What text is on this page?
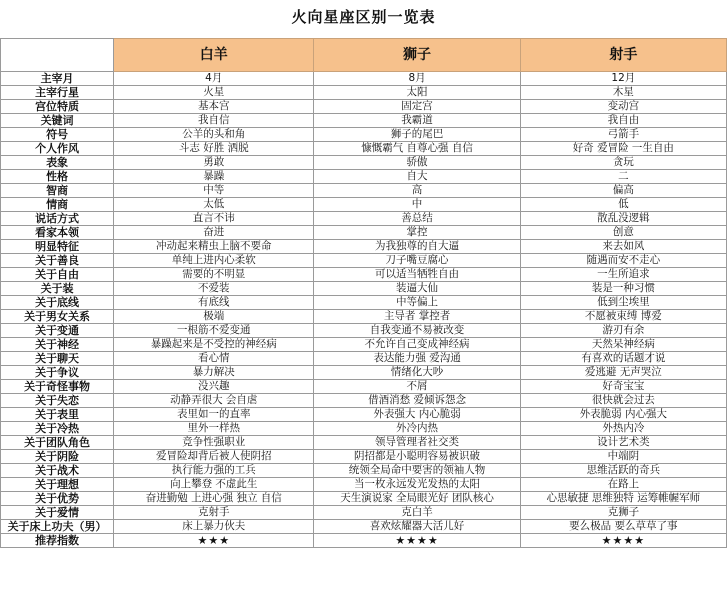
火向星座区别一览表
	白羊	狮子	射手
主宰月	4月	8月	12月
主宰行星	火星	太阳	木星
宫位特质	基本宫	固定宫	变动宫
关键词	我自信	我霸道	我自由
符号	公羊的头和角	狮子的尾巴	弓箭手
个人作风	斗志 好胜 洒脱	慷慨霸气 自尊心强 自信	好奇 爱冒险 一生自由
表象	勇敢	骄傲	贪玩
性格	暴躁	自大	二
智商	中等	高	偏高
情商	太低	中	低
说话方式	直言不讳	善总结	散乱没逻辑
看家本领	奋进	掌控	创意
明显特征	冲动起来精虫上脑不要命	为我独尊的自大逼	来去如风
关于善良	单纯上进内心柔软	刀子嘴豆腐心	随遇而安不走心
关于自由	需要的不明显	可以适当牺牲自由	一生所追求
关于装	不爱装	装逼大仙	装是一种习惯
关于底线	有底线	中等偏上	低到尘埃里
关于男女关系	极端	主导者 掌控者	不愿被束缚 博爱
关于变通	一根筋不爱变通	自我变通不易被改变	游刃有余
关于神经	暴躁起来是不受控的神经病	不允许自己变成神经病	天然呆神经病
关于聊天	看心情	表达能力强 爱沟通	有喜欢的话题才说
关于争议	暴力解决	情绪化大吵	爱逃避 无声哭泣
关于奇怪事物	没兴趣	不屑	好奇宝宝
关于失恋	动静弄很大 会自虐	借酒消愁 爱倾诉怨念	很快就会过去
关于表里	表里如一的直率	外表强大 内心脆弱	外表脆弱 内心强大
关于冷热	里外一样热	外冷内热	外热内冷
关于团队角色	竞争性强职业	领导管理者社交类	设计艺术类
关于阴险	爱冒险却背后被人使阴招	阴招都是小聪明容易被识破	中端阴
关于战术	执行能力强的工兵	统领全局命中要害的领袖人物	思维活跃的奇兵
关于理想	向上攀登 不虚此生	当一枚永远发光发热的太阳	在路上
关于优势	奋进勤勉 上进心强 独立 自信	天生演说家 全局眼光好 团队核心	心思敏捷 思维独特 运筹帷幄军师
关于爱情	克射手	克白羊	克狮子
关于床上功夫（男）	床上暴力伙夫	喜欢炫耀器大活儿好	要么极品 要么草草了事
推荐指数	★★★	★★★★	★★★★
